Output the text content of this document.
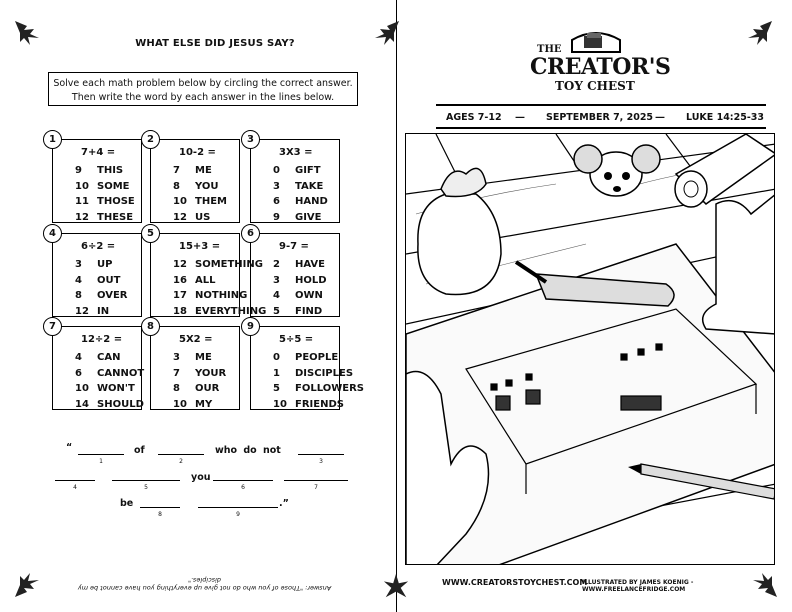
WHAT ELSE DID JESUS SAY?
Solve each math problem below by circling the correct answer.
Then write the word by each answer in the lines below.
1
7+4 =
9 THIS
10 SOME
11 THOSE
12 THESE
2
10-2 =
7 ME
8 YOU
10 THEM
12 US
3
3X3 =
0 GIFT
3 TAKE
6 HAND
9 GIVE
4
6÷2 =
3 UP
4 OUT
8 OVER
12 IN
5
15+3 =
12 SOMETHING
16 ALL
17 NOTHING
18 EVERYTHING
6
9-7 =
2 HAVE
3 HOLD
4 OWN
5 FIND
7
12÷2 =
4 CAN
6 CANNOT
10 WON'T
14 SHOULD
8
5X2 =
3 ME
7 YOUR
8 OUR
10 MY
9
5÷5 =
0 PEOPLE
1 DISCIPLES
5 FOLLOWERS
10 FRIENDS
“	of	who do not
you
be	.”
1	2	3
4	5	6	7
8	9
Answer: "Those of you who do not give up everything you have cannot be my disciples."
THE
CREATOR'S
TOY CHEST
AGES 7-12 — SEPTEMBER 7, 2025 — LUKE 14:25-33
WWW.CREATORSTOYCHEST.COM
ILLUSTRATED BY JAMES KOENIG - WWW.FREELANCEFRIDGE.COM
